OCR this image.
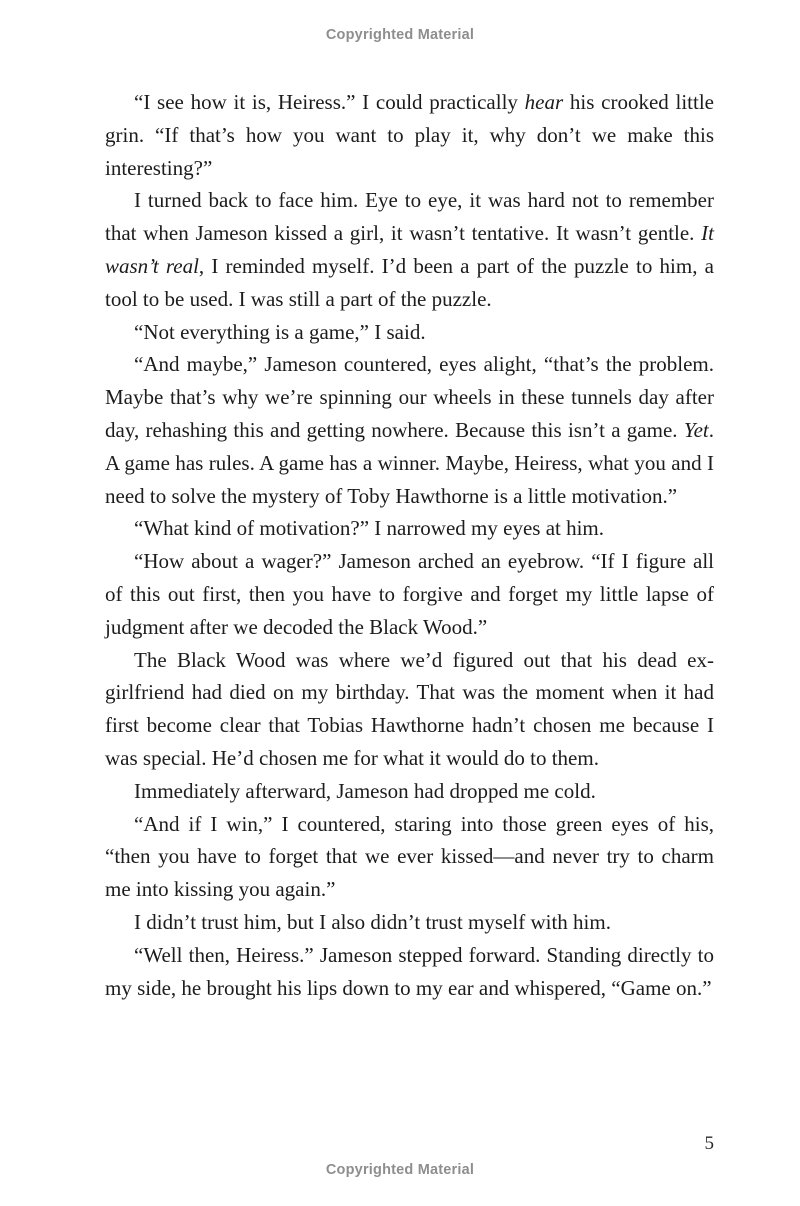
Copyrighted Material

“I see how it is, Heiress.” I could practically hear his crooked little grin. “If that’s how you want to play it, why don’t we make this interesting?”

I turned back to face him. Eye to eye, it was hard not to remember that when Jameson kissed a girl, it wasn’t tentative. It wasn’t gentle. It wasn’t real, I reminded myself. I’d been a part of the puzzle to him, a tool to be used. I was still a part of the puzzle.

“Not everything is a game,” I said.

“And maybe,” Jameson countered, eyes alight, “that’s the problem. Maybe that’s why we’re spinning our wheels in these tunnels day after day, rehashing this and getting nowhere. Because this isn’t a game. Yet. A game has rules. A game has a winner. Maybe, Heiress, what you and I need to solve the mystery of Toby Hawthorne is a little motivation.”

“What kind of motivation?” I narrowed my eyes at him.

“How about a wager?” Jameson arched an eyebrow. “If I figure all of this out first, then you have to forgive and forget my little lapse of judgment after we decoded the Black Wood.”

The Black Wood was where we’d figured out that his dead ex-girlfriend had died on my birthday. That was the moment when it had first become clear that Tobias Hawthorne hadn’t chosen me because I was special. He’d chosen me for what it would do to them.

Immediately afterward, Jameson had dropped me cold.

“And if I win,” I countered, staring into those green eyes of his, “then you have to forget that we ever kissed—and never try to charm me into kissing you again.”

I didn’t trust him, but I also didn’t trust myself with him.

“Well then, Heiress.” Jameson stepped forward. Standing directly to my side, he brought his lips down to my ear and whispered, “Game on.”

5
Copyrighted Material
